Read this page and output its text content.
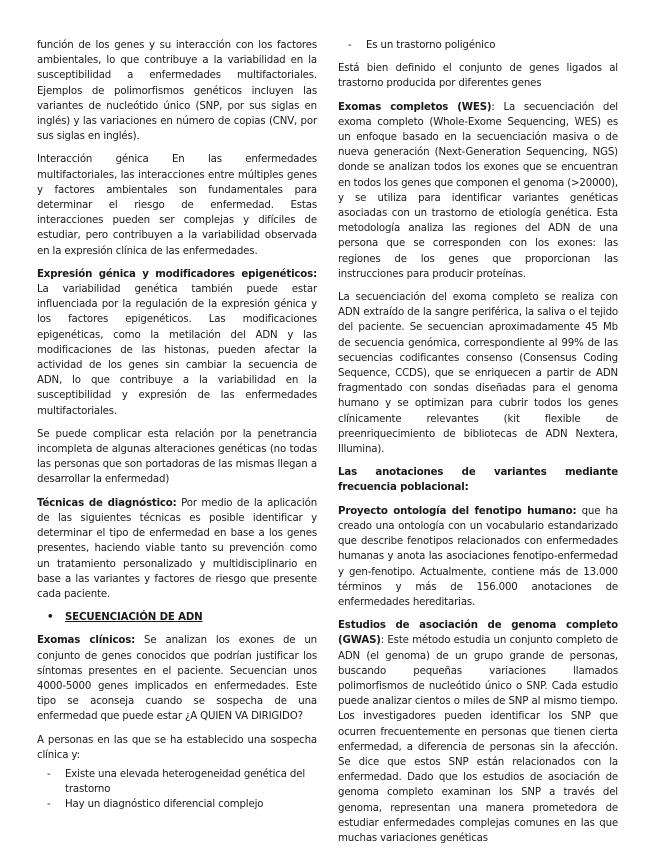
función de los genes y su interacción con los factores ambientales, lo que contribuye a la variabilidad en la susceptibilidad a enfermedades multifactoriales. Ejemplos de polimorfismos genéticos incluyen las variantes de nucleótido único (SNP, por sus siglas en inglés) y las variaciones en número de copias (CNV, por sus siglas en inglés).

Interacción génica En las enfermedades multifactoriales, las interacciones entre múltiples genes y factores ambientales son fundamentales para determinar el riesgo de enfermedad. Estas interacciones pueden ser complejas y difíciles de estudiar, pero contribuyen a la variabilidad observada en la expresión clínica de las enfermedades.

Expresión génica y modificadores epigenéticos: La variabilidad genética también puede estar influenciada por la regulación de la expresión génica y los factores epigenéticos. Las modificaciones epigenéticas, como la metilación del ADN y las modificaciones de las histonas, pueden afectar la actividad de los genes sin cambiar la secuencia de ADN, lo que contribuye a la variabilidad en la susceptibilidad y expresión de las enfermedades multifactoriales.

Se puede complicar esta relación por la penetrancia incompleta de algunas alteraciones genéticas (no todas las personas que son portadoras de las mismas llegan a desarrollar la enfermedad)

Técnicas de diagnóstico: Por medio de la aplicación de las siguientes técnicas es posible identificar y determinar el tipo de enfermedad en base a los genes presentes, haciendo viable tanto su prevención como un tratamiento personalizado y multidisciplinario en base a las variantes y factores de riesgo que presente cada paciente.

• SECUENCIACIÓN DE ADN

Exomas clínicos: Se analizan los exones de un conjunto de genes conocidos que podrían justificar los síntomas presentes en el paciente. Secuencian unos 4000-5000 genes implicados en enfermedades. Este tipo se aconseja cuando se sospecha de una enfermedad que puede estar ¿A QUIEN VA DIRIGIDO?

A personas en las que se ha establecido una sospecha clínica y:

- Existe una elevada heterogeneidad genética del trastorno
- Hay un diagnóstico diferencial complejo
- Es un trastorno poligénico

Está bien definido el conjunto de genes ligados al trastorno producida por diferentes genes

Exomas completos (WES): La secuenciación del exoma completo (Whole-Exome Sequencing, WES) es un enfoque basado en la secuenciación masiva o de nueva generación (Next-Generation Sequencing, NGS) donde se analizan todos los exones que se encuentran en todos los genes que componen el genoma (>20000), y se utiliza para identificar variantes genéticas asociadas con un trastorno de etiología genética. Esta metodología analiza las regiones del ADN de una persona que se corresponden con los exones: las regiones de los genes que proporcionan las instrucciones para producir proteínas.

La secuenciación del exoma completo se realiza con ADN extraído de la sangre periférica, la saliva o el tejido del paciente. Se secuencian aproximadamente 45 Mb de secuencia genómica, correspondiente al 99% de las secuencias codificantes consenso (Consensus Coding Sequence, CCDS), que se enriquecen a partir de ADN fragmentado con sondas diseñadas para el genoma humano y se optimizan para cubrir todos los genes clínicamente relevantes (kit flexible de preenriquecimiento de bibliotecas de ADN Nextera, Illumina).

Las anotaciones de variantes mediante frecuencia poblacional:

Proyecto ontología del fenotipo humano: que ha creado una ontología con un vocabulario estandarizado que describe fenotipos relacionados con enfermedades humanas y anota las asociaciones fenotipo-enfermedad y gen-fenotipo. Actualmente, contiene más de 13.000 términos y más de 156.000 anotaciones de enfermedades hereditarias.

Estudios de asociación de genoma completo (GWAS): Este método estudia un conjunto completo de ADN (el genoma) de un grupo grande de personas, buscando pequeñas variaciones llamados polimorfismos de nucleótido único o SNP. Cada estudio puede analizar cientos o miles de SNP al mismo tiempo. Los investigadores pueden identificar los SNP que ocurren frecuentemente en personas que tienen cierta enfermedad, a diferencia de personas sin la afección. Se dice que estos SNP están relacionados con la enfermedad. Dado que los estudios de asociación de genoma completo examinan los SNP a través del genoma, representan una manera prometedora de estudiar enfermedades complejas comunes en las que muchas variaciones genéticas
